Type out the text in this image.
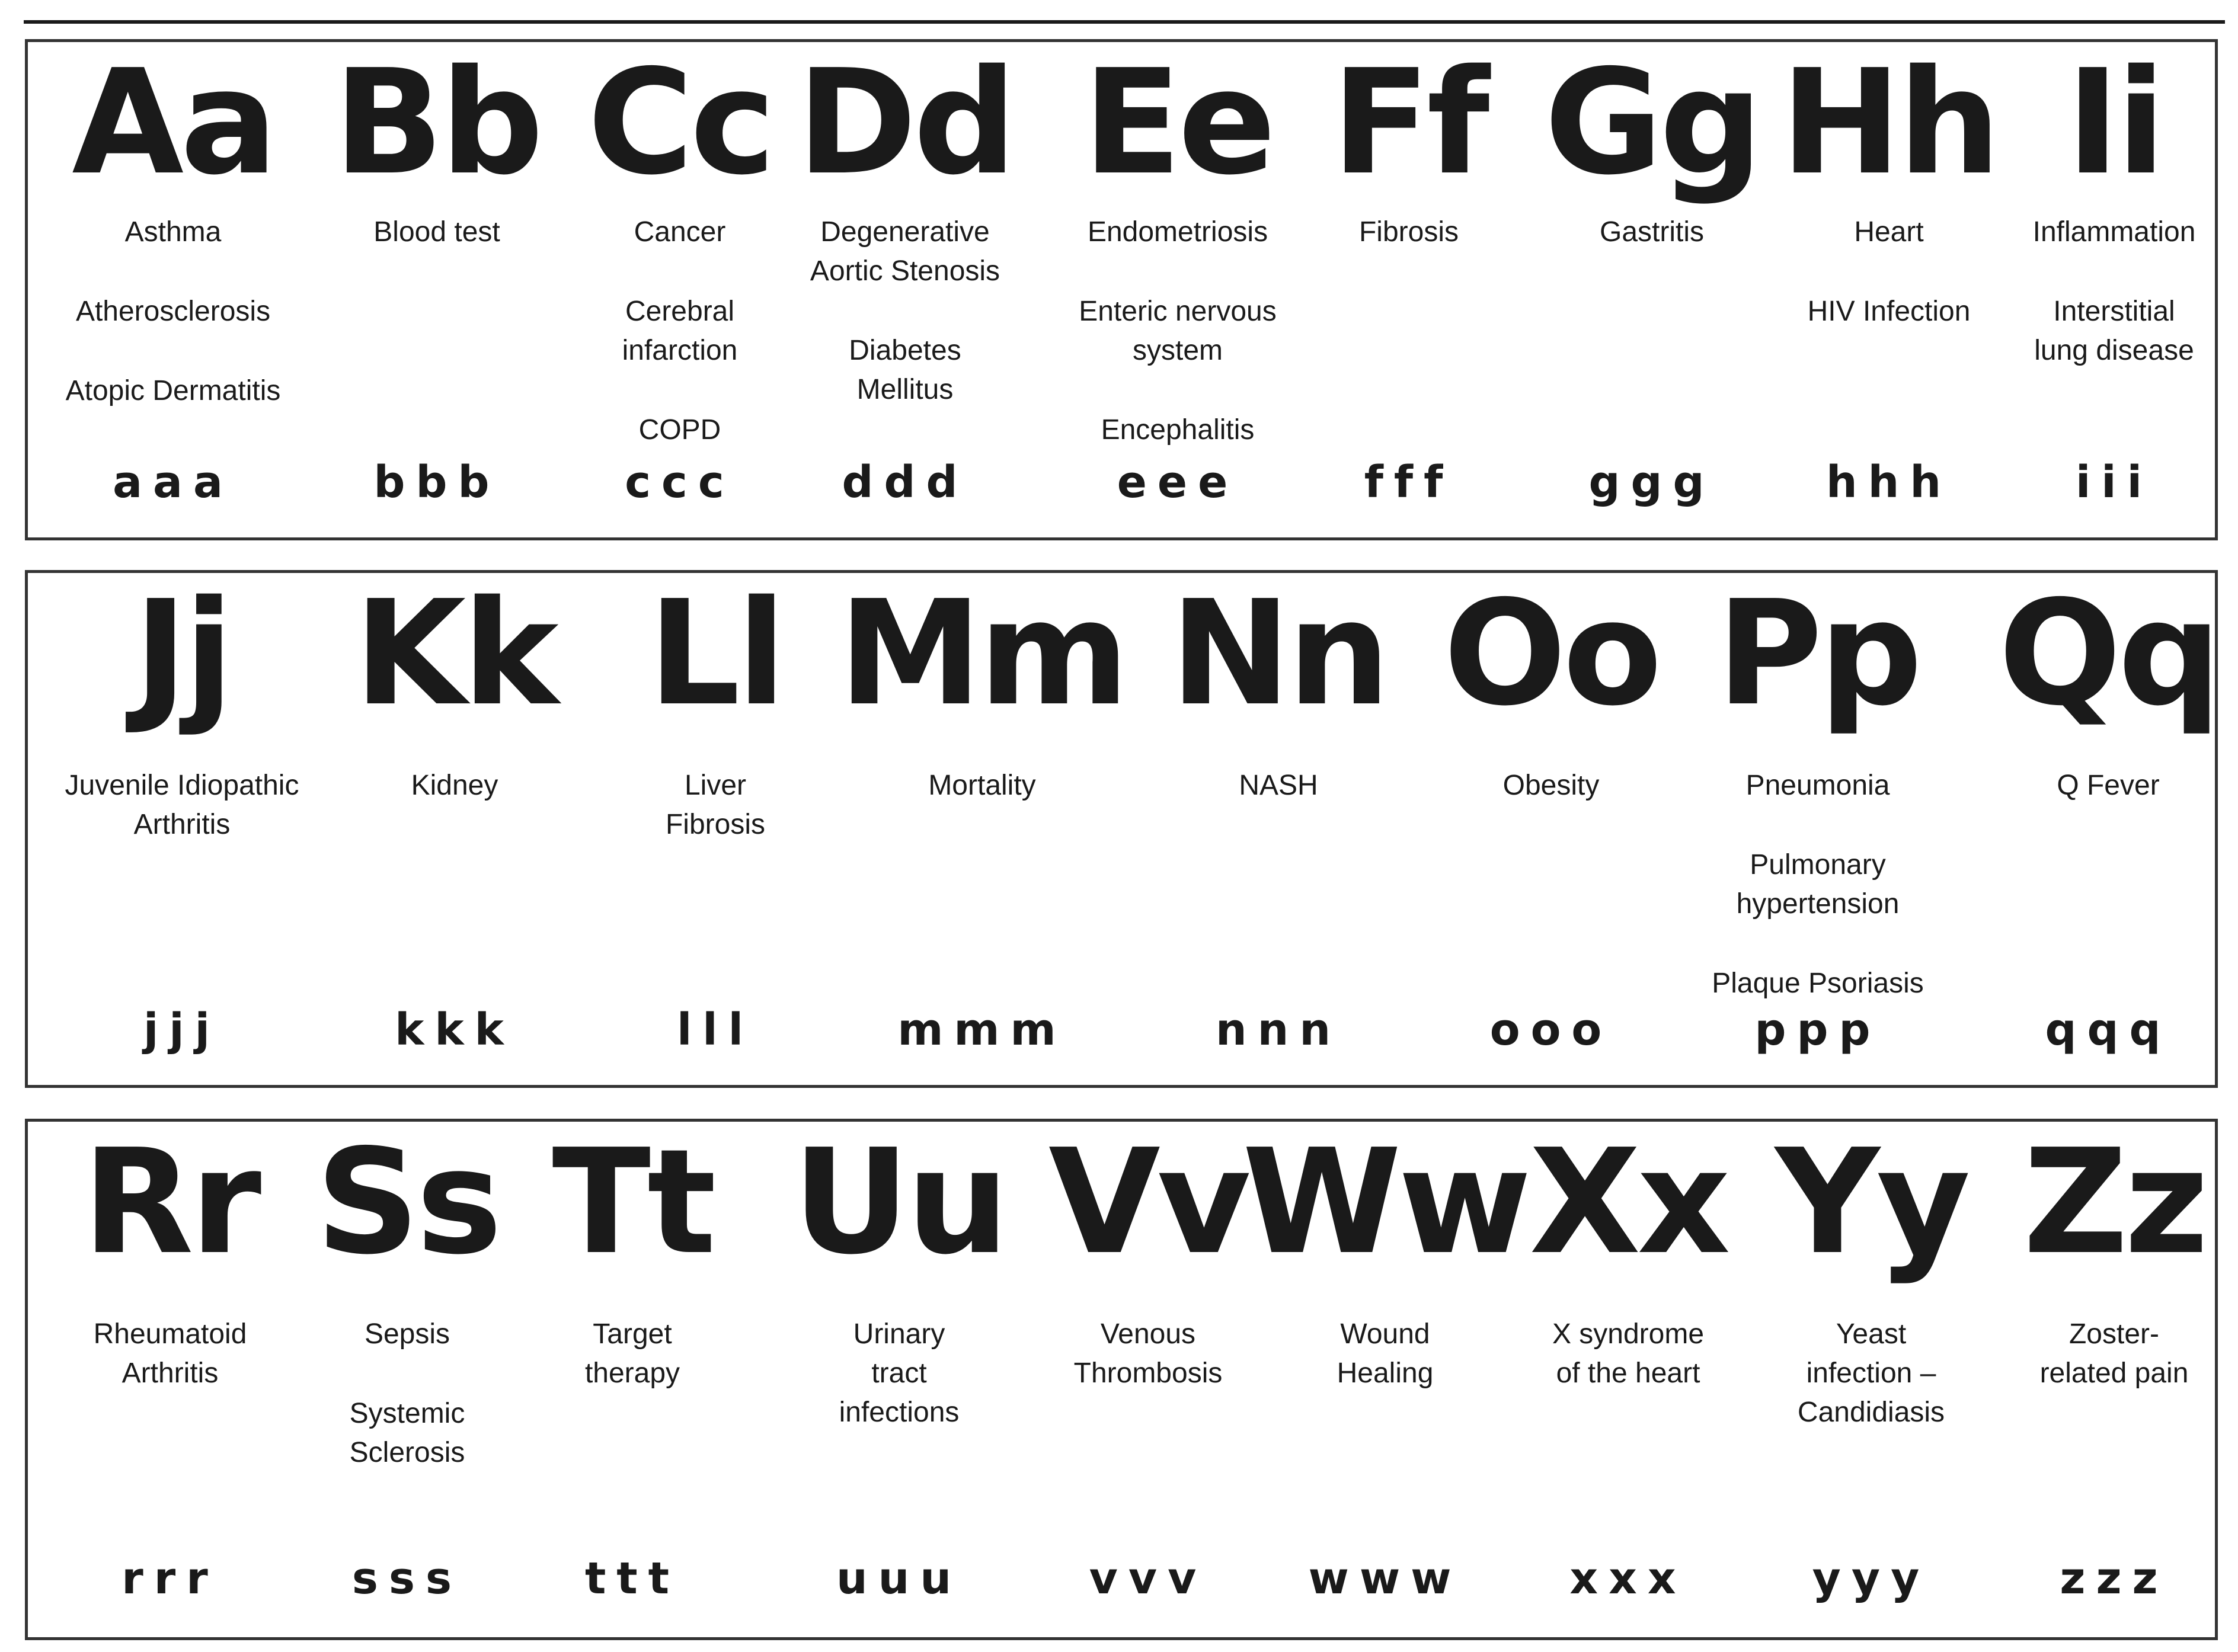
Aa
Asthma
Atherosclerosis
Atopic Dermatitis
aaa
Bb
Blood test
bbb
Cc
Cancer
Cerebral
infarction
COPD
ccc
Dd
Degenerative
Aortic Stenosis
Diabetes
Mellitus
ddd
Ee
Endometriosis
Enteric nervous
system
Encephalitis
eee
Ff
Fibrosis
fff
Gg
Gastritis
ggg
Hh
Heart
HIV Infection
hhh
Ii
Inflammation
Interstitial
lung disease
iii
Jj
Juvenile Idiopathic
Arthritis
jjj
Kk
Kidney
kkk
Ll
Liver
Fibrosis
lll
Mm
Mortality
mmm
Nn
NASH
nnn
Oo
Obesity
ooo
Pp
Pneumonia
Pulmonary
hypertension
Plaque Psoriasis
ppp
Qq
Q Fever
qqq
Rr
Rheumatoid
Arthritis
rrr
Ss
Sepsis
Systemic
Sclerosis
sss
Tt
Target
therapy
ttt
Uu
Urinary
tract
infections
uuu
Vv
Venous
Thrombosis
vvv
Ww
Wound
Healing
www
Xx
X syndrome
of the heart
xxx
Yy
Yeast
infection –
Candidiasis
yyy
Zz
Zoster-
related pain
zzz
